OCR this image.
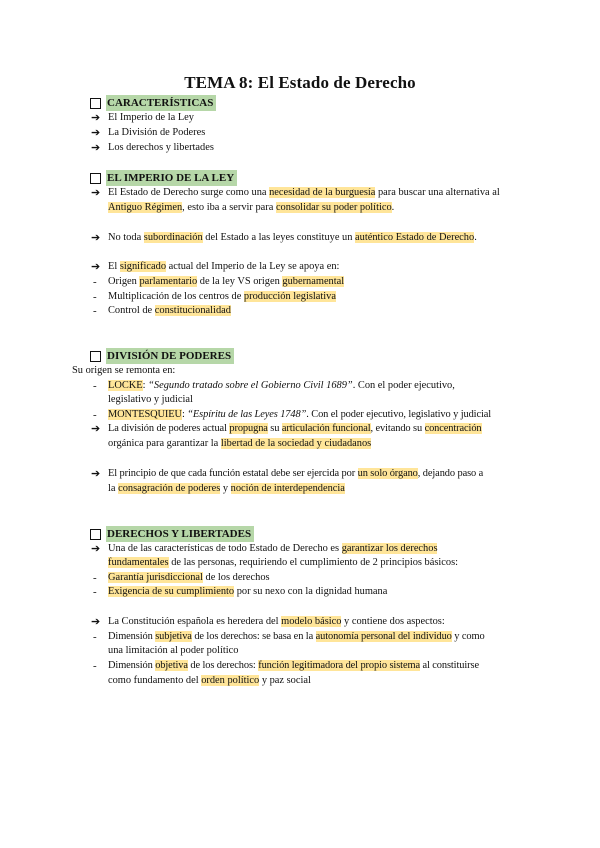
TEMA 8: El Estado de Derecho
CARACTERÍSTICAS
➔ El Imperio de la Ley
➔ La División de Poderes
➔ Los derechos y libertades
EL IMPERIO DE LA LEY
➔ El Estado de Derecho surge como una necesidad de la burguesía para buscar una alternativa al
Antiguo Régimen, esto iba a servir para consolidar su poder político.
➔ No toda subordinación del Estado a las leyes constituye un auténtico Estado de Derecho.
➔ El significado actual del Imperio de la Ley se apoya en:
- Origen parlamentario de la ley VS origen gubernamental
- Multiplicación de los centros de producción legislativa
- Control de constitucionalidad
DIVISIÓN DE PODERES
Su origen se remonta en:
- LOCKE: “Segundo tratado sobre el Gobierno Civil 1689”. Con el poder ejecutivo,
legislativo y judicial
- MONTESQUIEU: “Espíritu de las Leyes 1748”. Con el poder ejecutivo, legislativo y judicial
➔ La división de poderes actual propugna su articulación funcional, evitando su concentración
orgánica para garantizar la libertad de la sociedad y ciudadanos
➔ El principio de que cada función estatal debe ser ejercida por un solo órgano, dejando paso a
la consagración de poderes y noción de interdependencia
DERECHOS Y LIBERTADES
➔ Una de las características de todo Estado de Derecho es garantizar los derechos
fundamentales de las personas, requiriendo el cumplimiento de 2 principios básicos:
- Garantía jurisdiccional de los derechos
- Exigencia de su cumplimiento por su nexo con la dignidad humana
➔ La Constitución española es heredera del modelo básico y contiene dos aspectos:
- Dimensión subjetiva de los derechos: se basa en la autonomía personal del individuo y como
una limitación al poder político
- Dimensión objetiva de los derechos: función legitimadora del propio sistema al constituirse
como fundamento del orden político y paz social
